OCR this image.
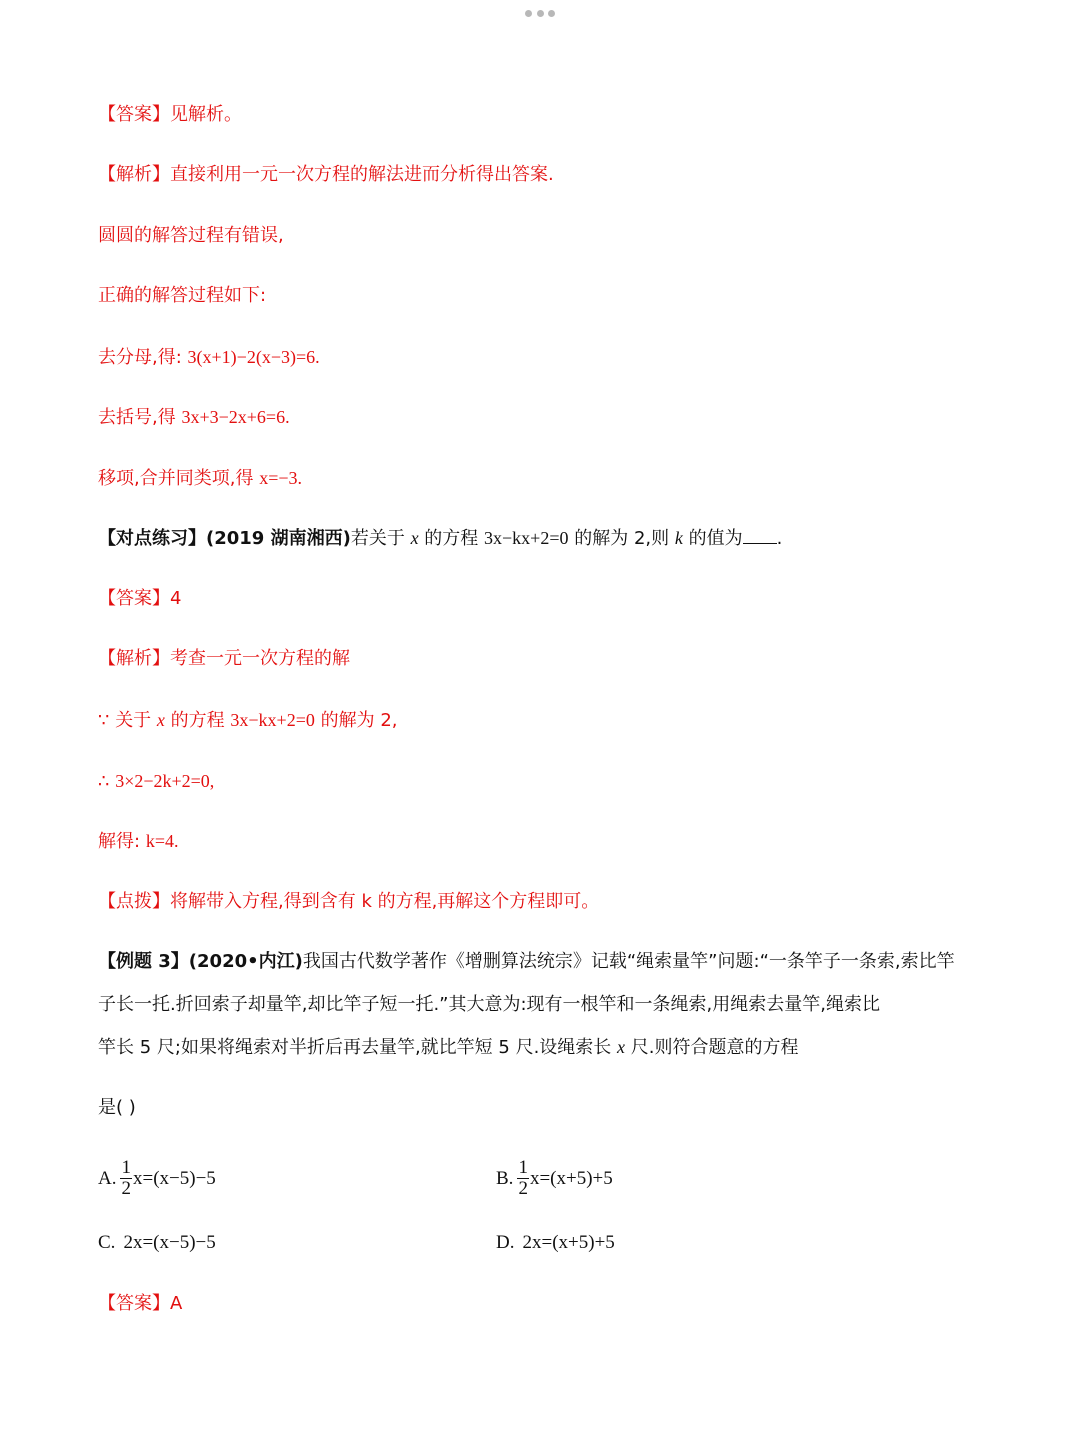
【答案】见解析。
【解析】直接利用一元一次方程的解法进而分析得出答案.
圆圆的解答过程有错误,
正确的解答过程如下:
去分母,得: 3(x+1)−2(x−3)=6.
去括号,得 3x+3−2x+6=6.
移项,合并同类项,得 x=−3.
【对点练习】(2019 湖南湘西)若关于 x 的方程 3x−kx+2=0 的解为 2,则 k 的值为 .
【答案】4
【解析】考查一元一次方程的解
∵ 关于 x 的方程 3x−kx+2=0 的解为 2,
∴ 3×2−2k+2=0,
解得: k=4.
【点拨】将解带入方程,得到含有 k 的方程,再解这个方程即可。
【例题 3】(2020•内江)我国古代数学著作《增删算法统宗》记载“绳索量竿”问题:“一条竿子一条索,索比竿
子长一托.折回索子却量竿,却比竿子短一托.”其大意为:现有一根竿和一条绳索,用绳索去量竿,绳索比
竿长 5 尺;如果将绳索对半折后再去量竿,就比竿短 5 尺.设绳索长 x 尺.则符合题意的方程
是( )
A. $\frac{1}{2} x=(x-5)-5$	B. $\frac{1}{2} x=(x+5)+5$
C. 2x=(x−5)−5	D. 2x=(x+5)+5
【答案】A
